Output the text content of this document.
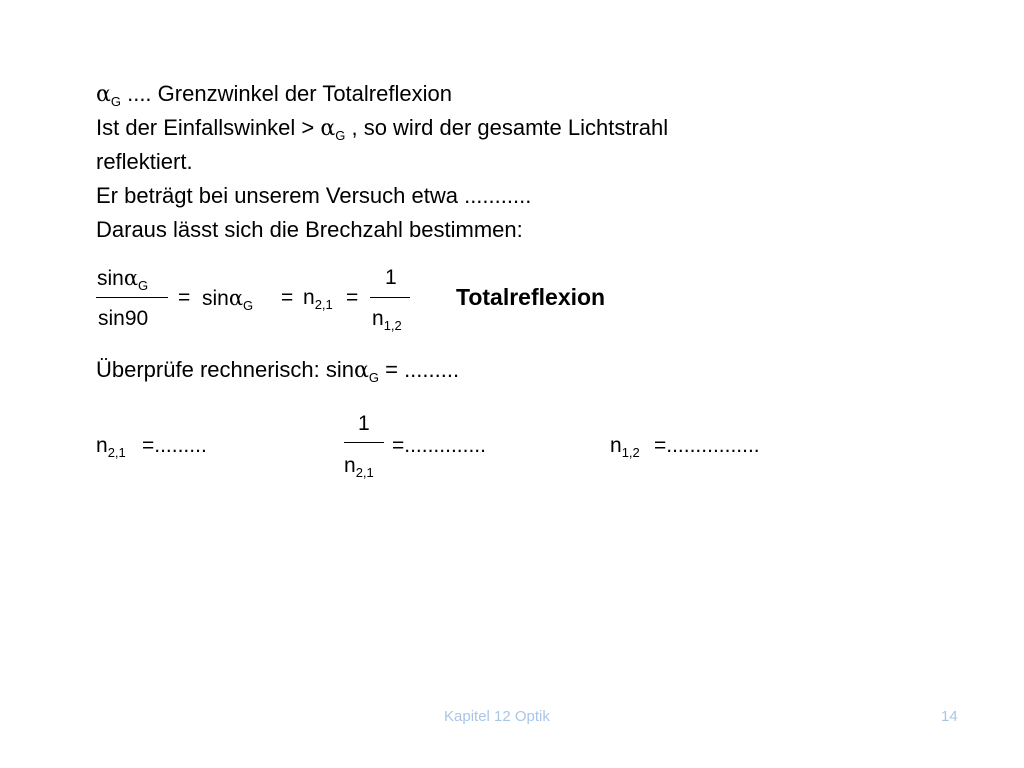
$\alpha_G$ .... Grenzwinkel der Totalreflexion
Ist der Einfallswinkel > $\alpha_G$ , so wird der gesamte Lichtstrahl
reflektiert.
Er beträgt bei unserem Versuch etwa ...........
Daraus lässt sich die Brechzahl bestimmen:
sinα$_G$
sin90
= $\sin\alpha_G = n_{2,1}$ =
1
$n_{1,2}$
Totalreflexion
Überprüfe rechnerisch: sinα$_G$ = .........
$n_{2,1}$ =.........
1
$n_{2,1}$
=..............	$n_{1,2}$ =................
Kapitel 12 Optik	14
